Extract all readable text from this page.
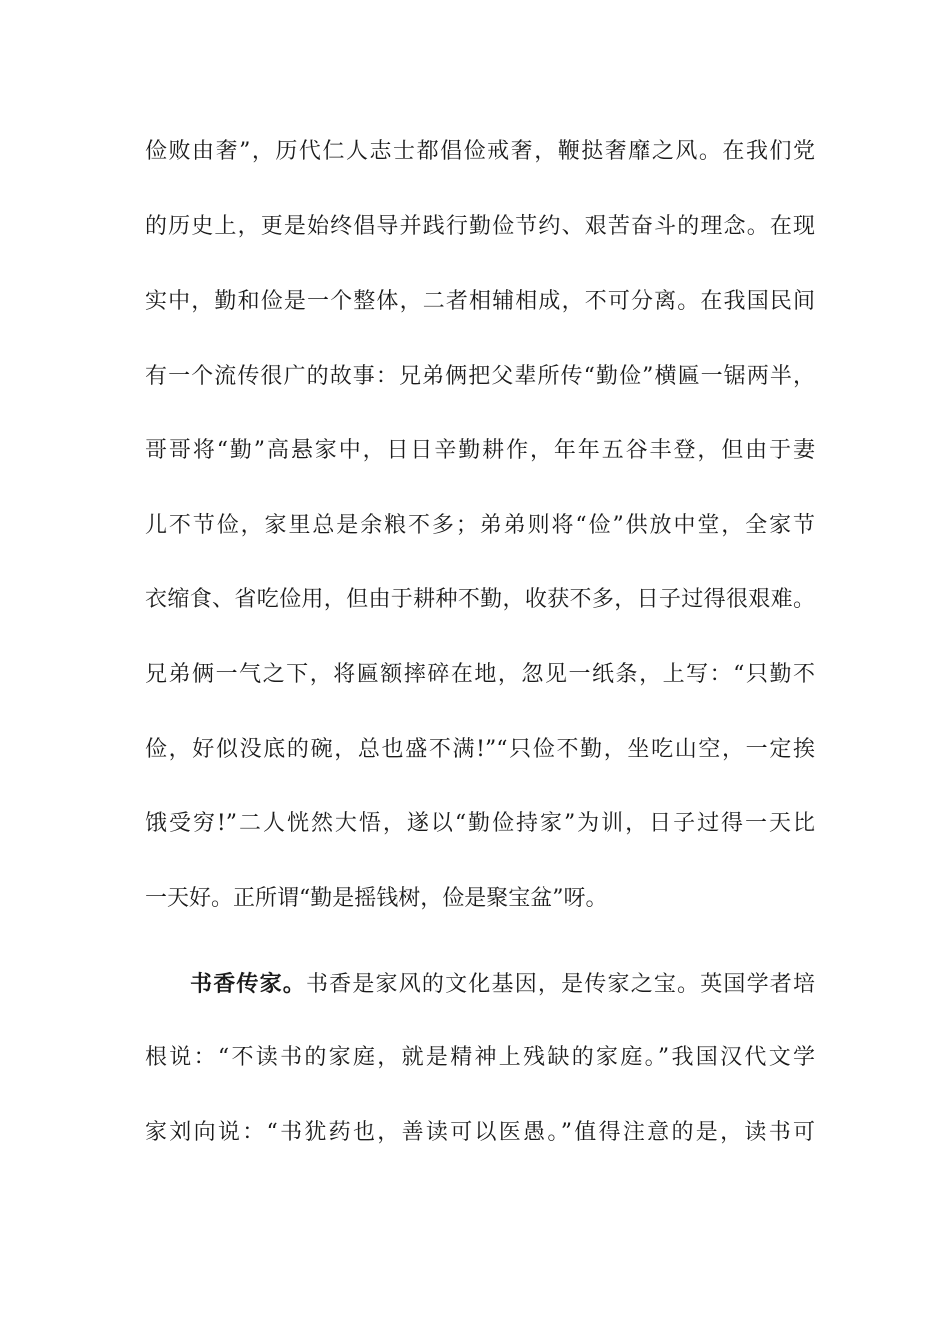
俭败由奢”，历代仁人志士都倡俭戒奢，鞭挞奢靡之风。在我们党
的历史上，更是始终倡导并践行勤俭节约、艰苦奋斗的理念。在现
实中，勤和俭是一个整体，二者相辅相成，不可分离。在我国民间
有一个流传很广的故事：兄弟俩把父辈所传“勤俭”横匾一锯两半，
哥哥将“勤”高悬家中，日日辛勤耕作，年年五谷丰登，但由于妻
儿不节俭，家里总是余粮不多；弟弟则将“俭”供放中堂，全家节
衣缩食、省吃俭用，但由于耕种不勤，收获不多，日子过得很艰难。
兄弟俩一气之下，将匾额摔碎在地，忽见一纸条，上写：“只勤不
俭，好似没底的碗，总也盛不满!”“只俭不勤，坐吃山空，一定挨
饿受穷!”二人恍然大悟，遂以“勤俭持家”为训，日子过得一天比
一天好。正所谓“勤是摇钱树，俭是聚宝盆”呀。
书香传家。书香是家风的文化基因，是传家之宝。英国学者培
根说：“不读书的家庭，就是精神上残缺的家庭。”我国汉代文学
家刘向说：“书犹药也，善读可以医愚。”值得注意的是，读书可
